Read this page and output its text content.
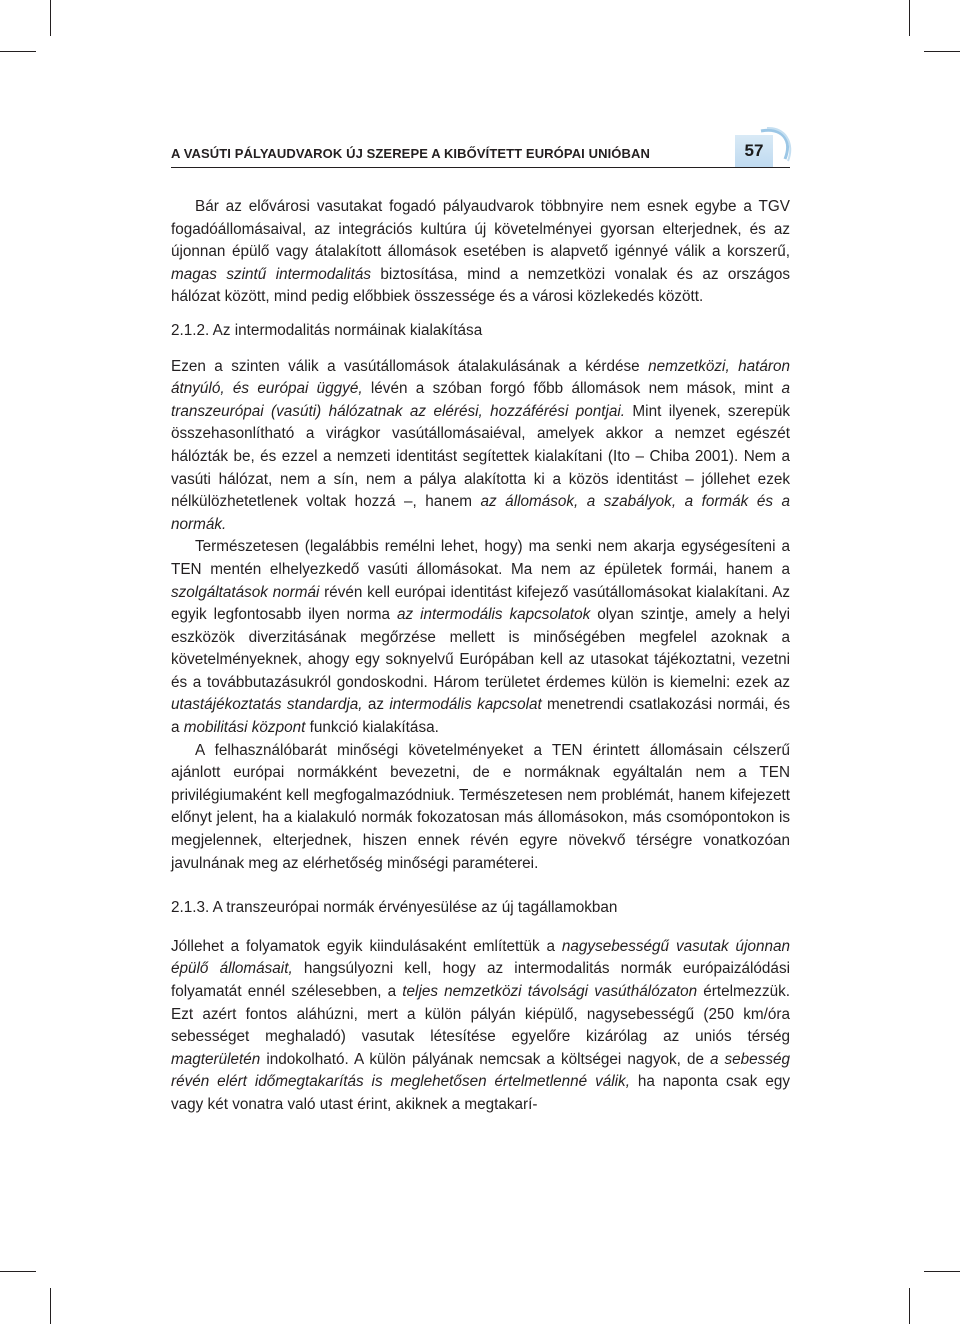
A VASÚTI PÁLYAUDVAROK ÚJ SZEREPE A KIBŐVÍTETT EURÓPAI UNIÓBAN	57

Bár az elővárosi vasutakat fogadó pályaudvarok többnyire nem esnek egybe a TGV fogadóállomásaival, az integrációs kultúra új követelményei gyorsan elterjednek, és az újonnan épülő vagy átalakított állomások esetében is alapvető igénnyé válik a korszerű, magas szintű intermodalitás biztosítása, mind a nemzetközi vonalak és az országos hálózat között, mind pedig előbbiek összessége és a városi közlekedés között.

2.1.2. Az intermodalitás normáinak kialakítása

Ezen a szinten válik a vasútállomások átalakulásának a kérdése nemzetközi, határon átnyúló, és európai üggyé, lévén a szóban forgó főbb állomások nem mások, mint a transzeurópai (vasúti) hálózatnak az elérési, hozzáférési pontjai. Mint ilyenek, szerepük összehasonlítható a virágkor vasútállomásaiéval, amelyek akkor a nemzet egészét hálózták be, és ezzel a nemzeti identitást segítettek kialakítani (Ito – Chiba 2001). Nem a vasúti hálózat, nem a sín, nem a pálya alakította ki a közös identitást – jóllehet ezek nélkülözhetetlenek voltak hozzá –, hanem az állomások, a szabályok, a formák és a normák.

Természetesen (legalábbis remélni lehet, hogy) ma senki nem akarja egységesíteni a TEN mentén elhelyezkedő vasúti állomásokat. Ma nem az épületek formái, hanem a szolgáltatások normái révén kell európai identitást kifejező vasútállomásokat kialakítani. Az egyik legfontosabb ilyen norma az intermodális kapcsolatok olyan szintje, amely a helyi eszközök diverzitásának megőrzése mellett is minőségében megfelel azoknak a követelményeknek, ahogy egy soknyelvű Európában kell az utasokat tájékoztatni, vezetni és a továbbutazásukról gondoskodni. Három területet érdemes külön is kiemelni: ezek az utastájékoztatás standardja, az intermodális kapcsolat menetrendi csatlakozási normái, és a mobilitási központ funkció kialakítása.

A felhasználóbarát minőségi követelményeket a TEN érintett állomásain célszerű ajánlott európai normákként bevezetni, de e normáknak egyáltalán nem a TEN privilégiumaként kell megfogalmazódniuk. Természetesen nem problémát, hanem kifejezett előnyt jelent, ha a kialakuló normák fokozatosan más állomásokon, más csomópontokon is megjelennek, elterjednek, hiszen ennek révén egyre növekvő térségre vonatkozóan javulnának meg az elérhetőség minőségi paraméterei.

2.1.3. A transzeurópai normák érvényesülése az új tagállamokban

Jóllehet a folyamatok egyik kiindulásaként említettük a nagysebességű vasutak újonnan épülő állomásait, hangsúlyozni kell, hogy az intermodalitás normák európaizálódási folyamatát ennél szélesebben, a teljes nemzetközi távolsági vasúthálózaton értelmezzük. Ezt azért fontos aláhúzni, mert a külön pályán kiépülő, nagysebességű (250 km/óra sebességet meghaladó) vasutak létesítése egyelőre kizárólag az uniós térség magterületén indokolható. A külön pályának nemcsak a költségei nagyok, de a sebesség révén elért időmegtakarítás is meglehetősen értelmetlenné válik, ha naponta csak egy vagy két vonatra való utast érint, akiknek a megtakarí-
